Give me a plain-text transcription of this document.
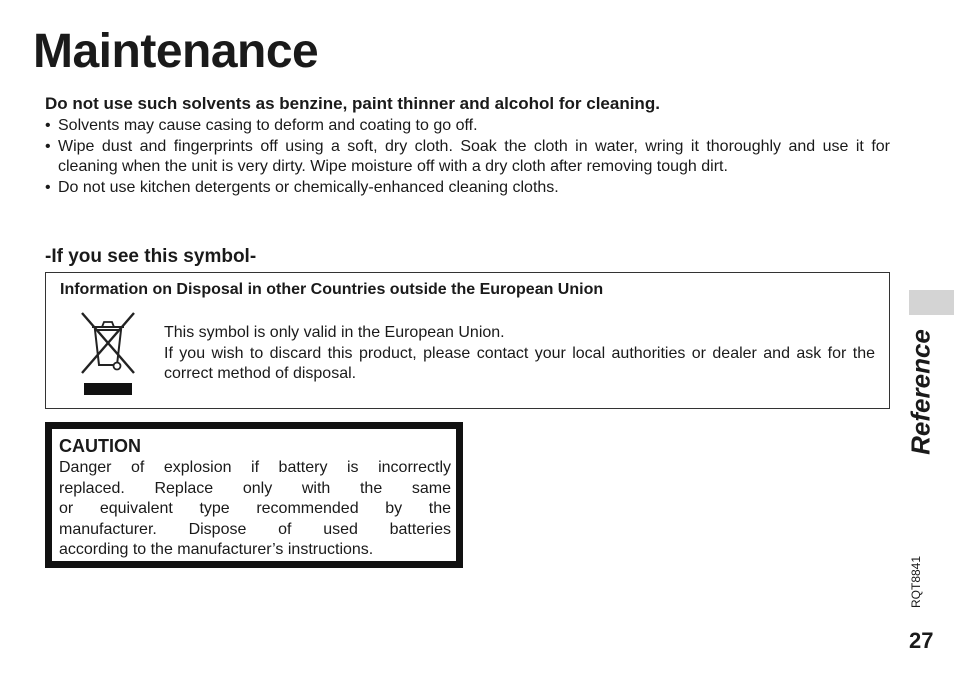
Maintenance
Do not use such solvents as benzine, paint thinner and alcohol for cleaning.
• Solvents may cause casing to deform and coating to go off.
• Wipe dust and fingerprints off using a soft, dry cloth. Soak the cloth in water, wring it thoroughly and use it for cleaning when the unit is very dirty. Wipe moisture off with a dry cloth after removing tough dirt.
• Do not use kitchen detergents or chemically-enhanced cleaning cloths.
-If you see this symbol-
Information on Disposal in other Countries outside the European Union
This symbol is only valid in the European Union.
If you wish to discard this product, please contact your local authorities or dealer and ask for the correct method of disposal.
CAUTION
Danger of explosion if battery is incorrectly
replaced. Replace only with the same
or equivalent type recommended by the
manufacturer. Dispose of used batteries
according to the manufacturer’s instructions.
Reference
RQT8841
27
